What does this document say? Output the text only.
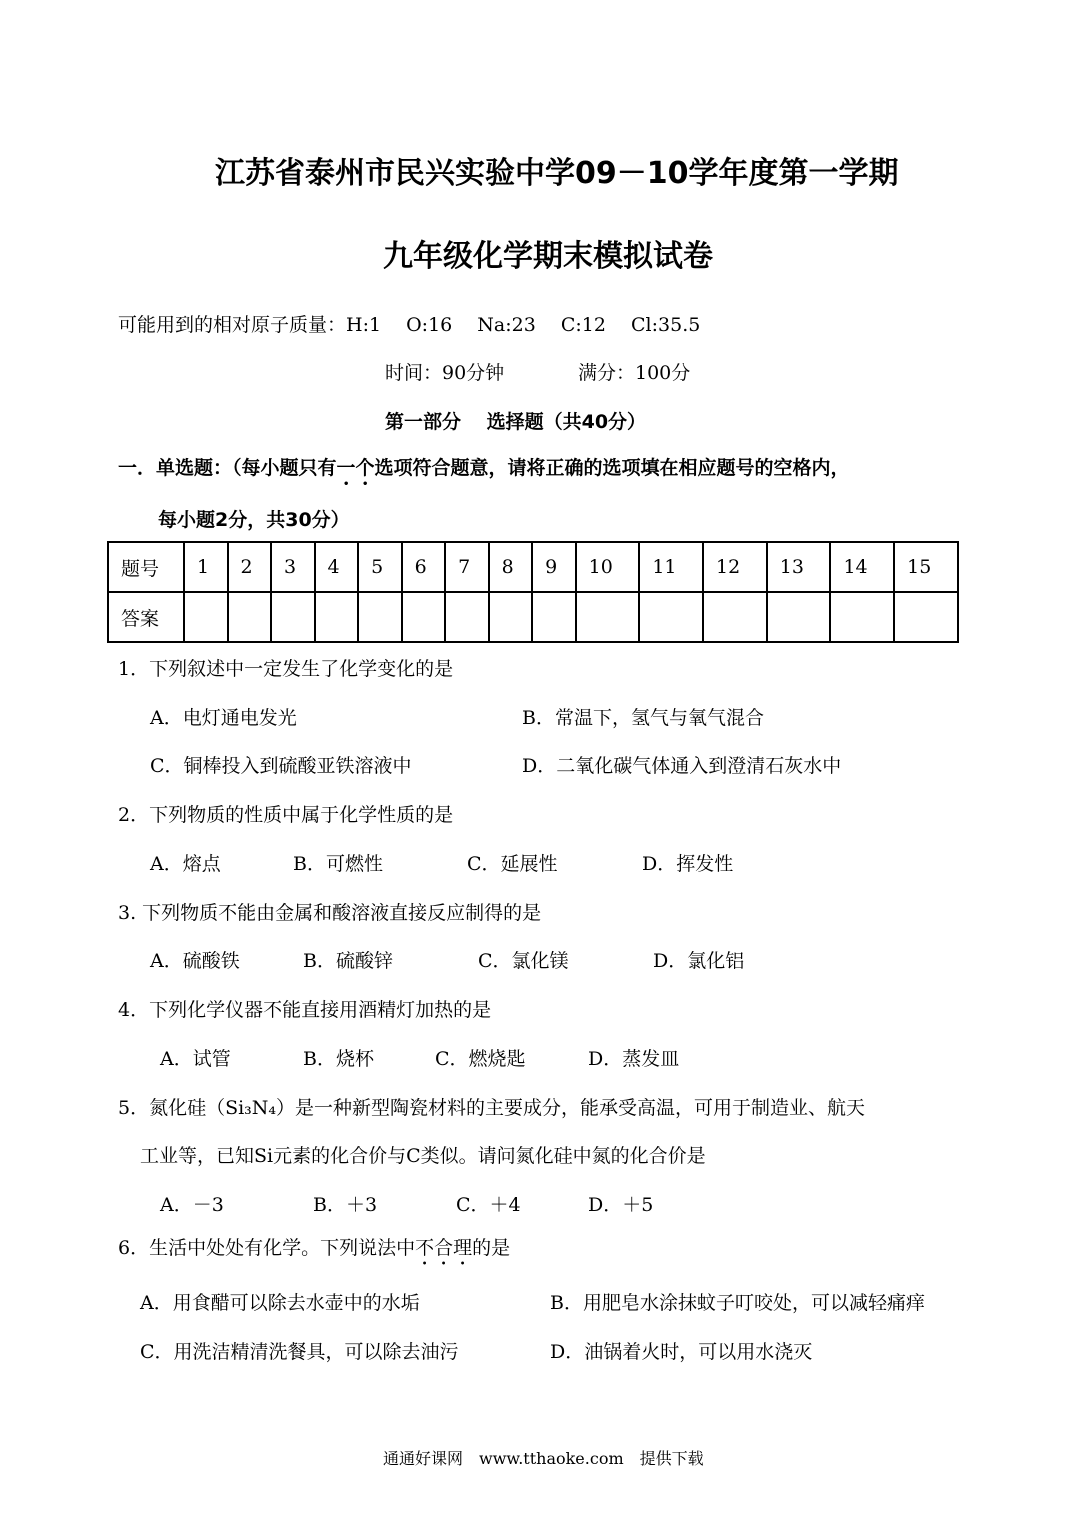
江苏省泰州市民兴实验中学09－10学年度第一学期
九年级化学期末模拟试卷
可能用到的相对原子质量：H:1　 O:16　 Na:23　 C:12　 Cl:35.5
时间：90分钟	满分：100分
第一部分　 选择题（共40分）
一．单选题：（每小题只有一个选项符合题意，请将正确的选项填在相应题号的空格内，
每小题2分，共30分）
题号	1	2	3	4	5	6	7	8	9	10	11	12	13	14	15
答案															
1．下列叙述中一定发生了化学变化的是
A．电灯通电发光	B．常温下，氢气与氧气混合
C．铜棒投入到硫酸亚铁溶液中	D．二氧化碳气体通入到澄清石灰水中
2．下列物质的性质中属于化学性质的是
A．熔点	B．可燃性	C．延展性	D．挥发性
3. 下列物质不能由金属和酸溶液直接反应制得的是
A．硫酸铁	B．硫酸锌	C．氯化镁	D．氯化铝
4．下列化学仪器不能直接用酒精灯加热的是
A．试管	B．烧杯	C．燃烧匙	D．蒸发皿
5．氮化硅（Si₃N₄）是一种新型陶瓷材料的主要成分，能承受高温，可用于制造业、航天
工业等，已知Si元素的化合价与C类似。请问氮化硅中氮的化合价是
A．－3	B．＋3	C．＋4	D．＋5
6．生活中处处有化学。下列说法中不合理的是
A．用食醋可以除去水壶中的水垢	B．用肥皂水涂抹蚊子叮咬处，可以减轻痛痒
C．用洗洁精清洗餐具，可以除去油污	D．油锅着火时，可以用水浇灭
通通好课网　www.tthaoke.com　提供下载
